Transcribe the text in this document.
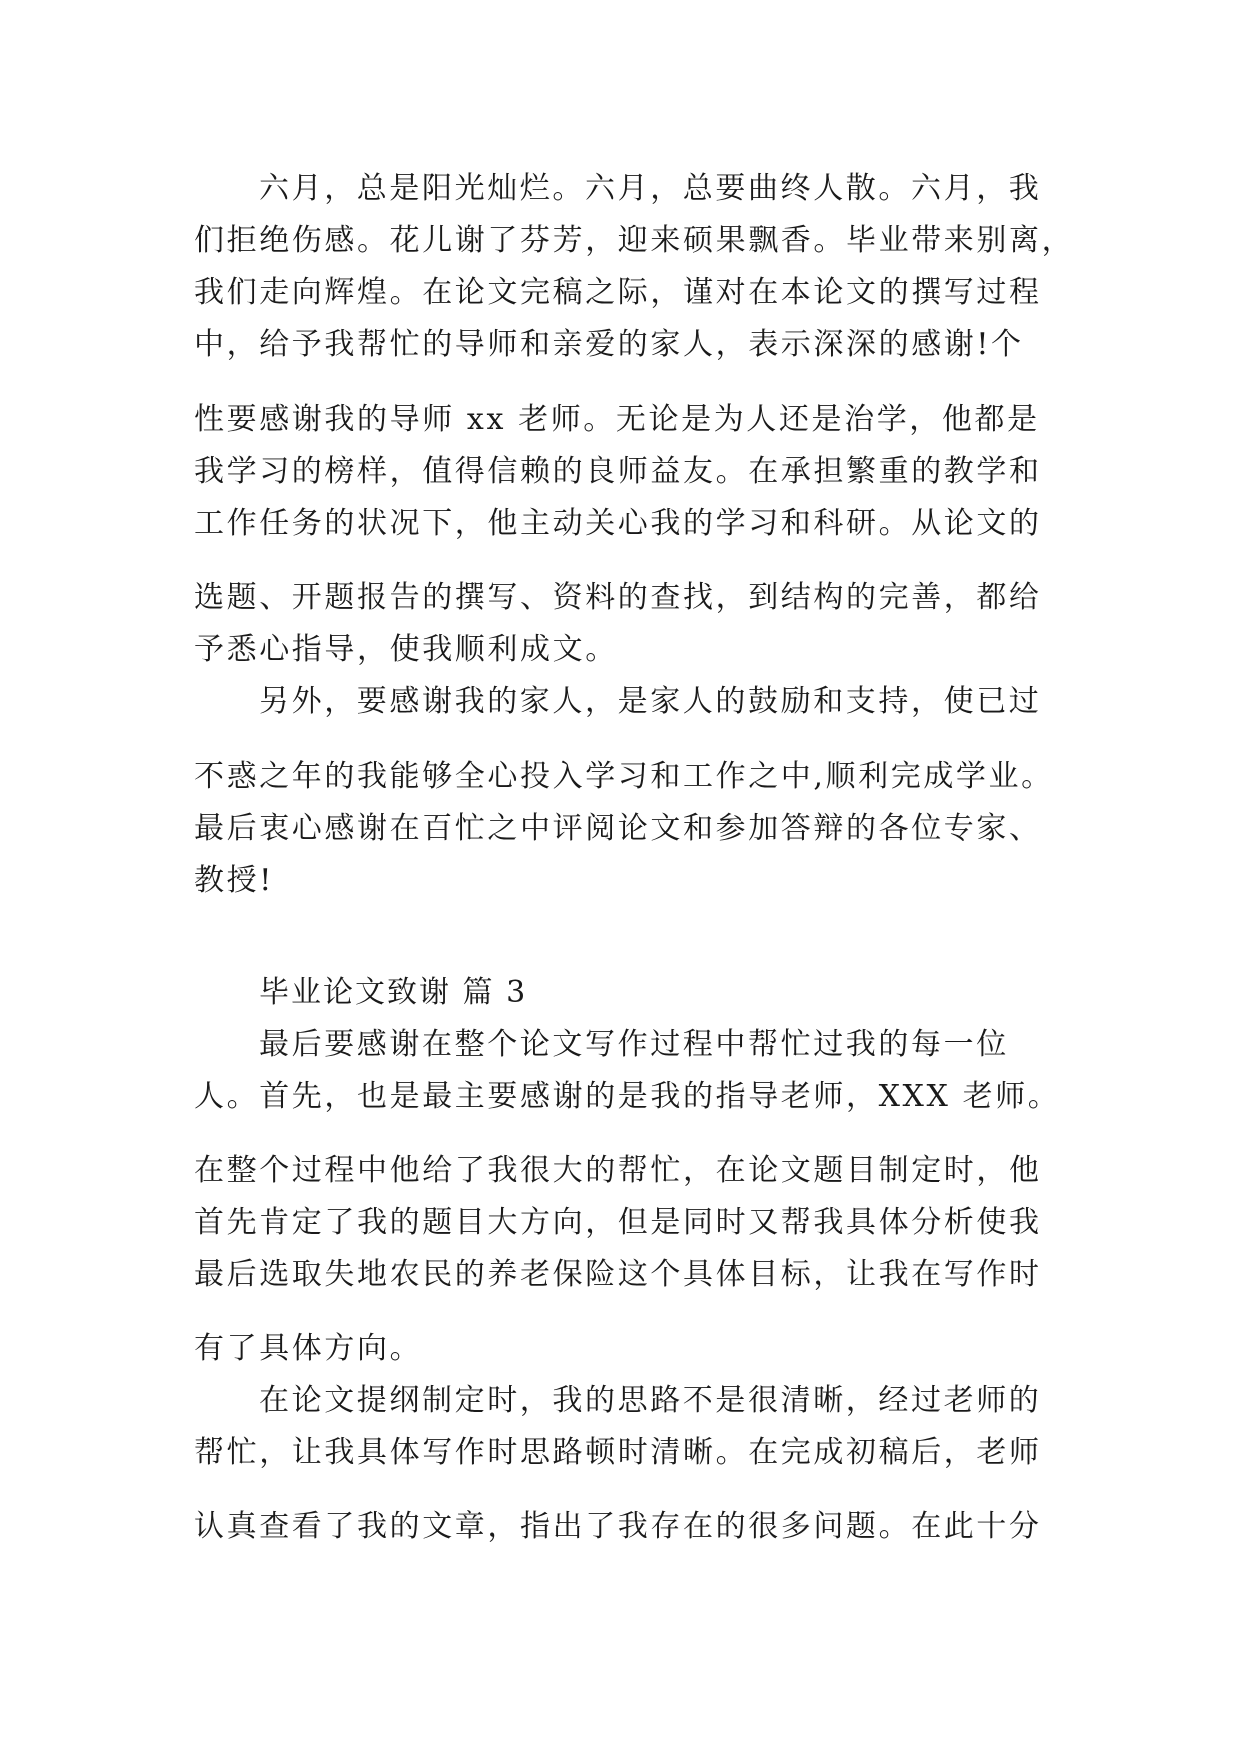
六月，总是阳光灿烂。六月，总要曲终人散。六月，我

们拒绝伤感。花儿谢了芬芳，迎来硕果飘香。毕业带来别离，

我们走向辉煌。在论文完稿之际，谨对在本论文的撰写过程

中，给予我帮忙的导师和亲爱的家人，表示深深的感谢!个

性要感谢我的导师 xx 老师。无论是为人还是治学，他都是

我学习的榜样，值得信赖的良师益友。在承担繁重的教学和

工作任务的状况下，他主动关心我的学习和科研。从论文的

选题、开题报告的撰写、资料的查找，到结构的完善，都给

予悉心指导，使我顺利成文。

另外，要感谢我的家人，是家人的鼓励和支持，使已过

不惑之年的我能够全心投入学习和工作之中,顺利完成学业。

最后衷心感谢在百忙之中评阅论文和参加答辩的各位专家、

教授!

毕业论文致谢 篇 3

最后要感谢在整个论文写作过程中帮忙过我的每一位

人。首先，也是最主要感谢的是我的指导老师，XXX 老师。

在整个过程中他给了我很大的帮忙，在论文题目制定时，他

首先肯定了我的题目大方向，但是同时又帮我具体分析使我

最后选取失地农民的养老保险这个具体目标，让我在写作时

有了具体方向。

在论文提纲制定时，我的思路不是很清晰，经过老师的

帮忙，让我具体写作时思路顿时清晰。在完成初稿后，老师

认真查看了我的文章，指出了我存在的很多问题。在此十分
